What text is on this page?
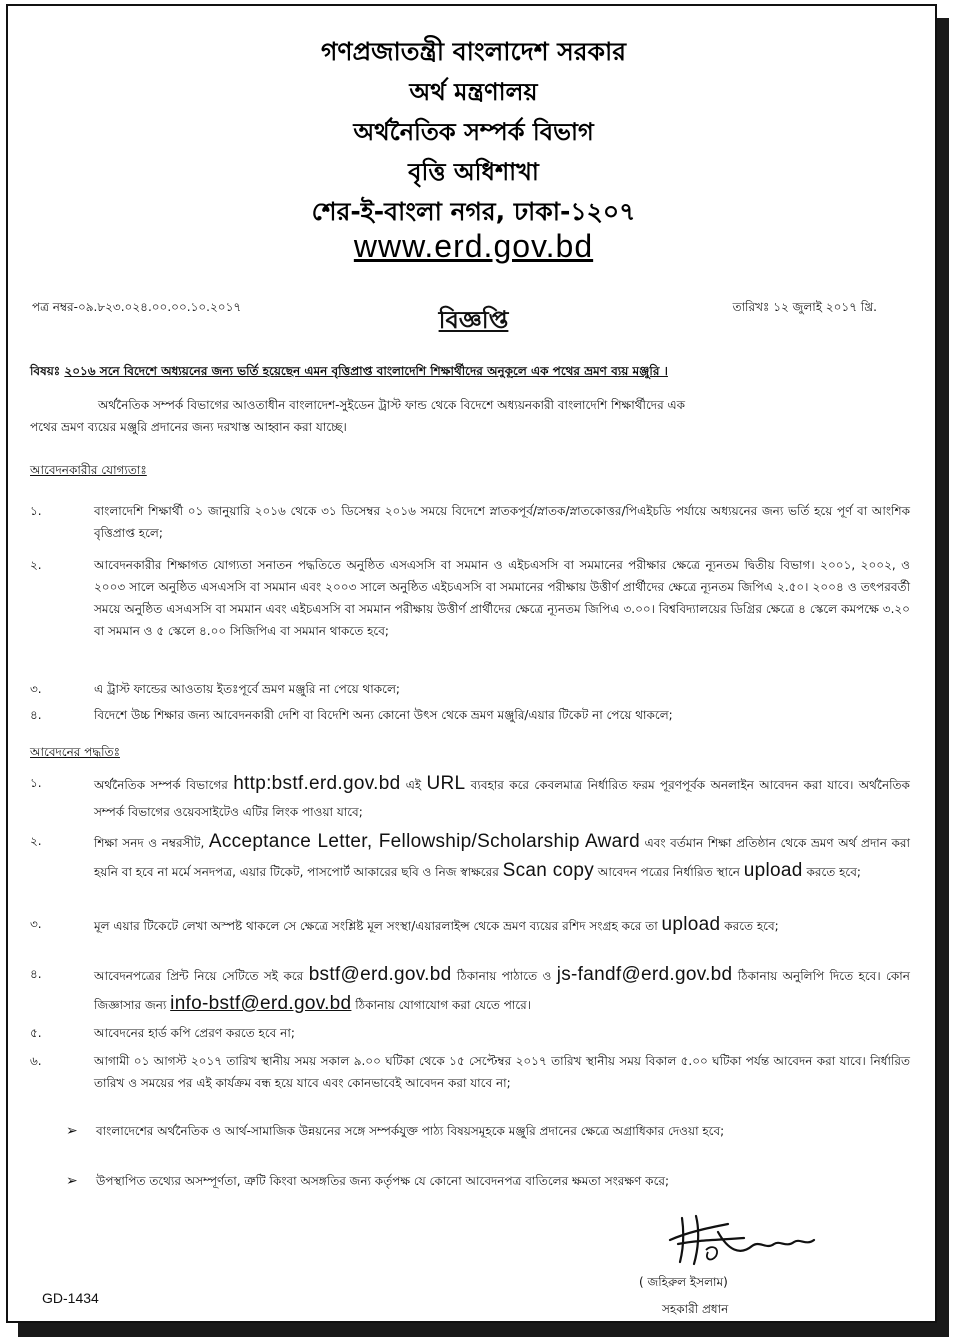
গণপ্রজাতন্ত্রী বাংলাদেশ সরকার
অর্থ মন্ত্রণালয়
অর্থনৈতিক সম্পর্ক বিভাগ
বৃত্তি অধিশাখা
শের-ই-বাংলা নগর, ঢাকা-১২০৭
www.erd.gov.bd
পত্র নম্বর-০৯.৮২৩.০২৪.০০.০০.১০.২০১৭	বিজ্ঞপ্তি	তারিখঃ ১২ জুলাই ২০১৭ খ্রি.
বিষয়ঃ ২০১৬ সনে বিদেশে অধ্যয়নের জন্য ভর্তি হয়েছেন এমন বৃত্তিপ্রাপ্ত বাংলাদেশি শিক্ষার্থীদের অনুকূলে এক পথের ভ্রমণ ব্যয় মঞ্জুরি ।
অর্থনৈতিক সম্পর্ক বিভাগের আওতাধীন বাংলাদেশ-সুইডেন ট্রাস্ট ফান্ড থেকে বিদেশে অধ্যয়নকারী বাংলাদেশি শিক্ষার্থীদের এক
পথের ভ্রমণ ব্যয়ের মঞ্জুরি প্রদানের জন্য দরখাস্ত আহ্বান করা যাচ্ছে।
আবেদনকারীর যোগ্যতাঃ
১.	বাংলাদেশি শিক্ষার্থী ০১ জানুয়ারি ২০১৬ থেকে ৩১ ডিসেম্বর ২০১৬ সময়ে বিদেশে স্নাতকপূর্ব/স্নাতক/স্নাতকোত্তর/পিএইচডি পর্যায়ে অধ্যয়নের জন্য ভর্তি হয়ে পূর্ণ বা আংশিক বৃত্তিপ্রাপ্ত হলে;
২.	আবেদনকারীর শিক্ষাগত যোগ্যতা সনাতন পদ্ধতিতে অনুষ্ঠিত এসএসসি বা সমমান ও এইচএসসি বা সমমানের পরীক্ষার ক্ষেত্রে ন্যূনতম দ্বিতীয় বিভাগ। ২০০১, ২০০২, ও ২০০৩ সালে অনুষ্ঠিত এসএসসি বা সমমান এবং ২০০৩ সালে অনুষ্ঠিত এইচএসসি বা সমমানের পরীক্ষায় উত্তীর্ণ প্রার্থীদের ক্ষেত্রে ন্যূনতম জিপিএ ২.৫০। ২০০৪ ও তৎপরবর্তী সময়ে অনুষ্ঠিত এসএসসি বা সমমান এবং এইচএসসি বা সমমান পরীক্ষায় উত্তীর্ণ প্রার্থীদের ক্ষেত্রে ন্যূনতম জিপিএ ৩.০০। বিশ্ববিদ্যালয়ের ডিগ্রির ক্ষেত্রে ৪ স্কেলে কমপক্ষে ৩.২০ বা সমমান ও ৫ স্কেলে ৪.০০ সিজিপিএ বা সমমান থাকতে হবে;
৩.	এ ট্রাস্ট ফান্ডের আওতায় ইতঃপূর্বে ভ্রমণ মঞ্জুরি না পেয়ে থাকলে;
৪.	বিদেশে উচ্চ শিক্ষার জন্য আবেদনকারী দেশি বা বিদেশি অন্য কোনো উৎস থেকে ভ্রমণ মঞ্জুরি/এয়ার টিকেট না পেয়ে থাকলে;
আবেদনের পদ্ধতিঃ
১.	অর্থনৈতিক সম্পর্ক বিভাগের http:bstf.erd.gov.bd এই URL ব্যবহার করে কেবলমাত্র নির্ধারিত ফরম পূরণপূর্বক অনলাইন আবেদন করা যাবে। অর্থনৈতিক সম্পর্ক বিভাগের ওয়েবসাইটেও এটির লিংক পাওয়া যাবে;
২.	শিক্ষা সনদ ও নম্বরসীট, Acceptance Letter, Fellowship/Scholarship Award এবং বর্তমান শিক্ষা প্রতিষ্ঠান থেকে ভ্রমণ অর্থ প্রদান করা হয়নি বা হবে না মর্মে সনদপত্র, এয়ার টিকেট, পাসপোর্ট আকারের ছবি ও নিজ স্বাক্ষরের Scan copy আবেদন পত্রের নির্ধারিত স্থানে upload করতে হবে;
৩.	মূল এয়ার টিকেটে লেখা অস্পষ্ট থাকলে সে ক্ষেত্রে সংশ্লিষ্ট মূল সংস্থা/এয়ারলাইন্স থেকে ভ্রমণ ব্যয়ের রশিদ সংগ্রহ করে তা upload করতে হবে;
৪.	আবেদনপত্রের প্রিন্ট নিয়ে সেটিতে সই করে bstf@erd.gov.bd ঠিকানায় পাঠাতে ও js-fandf@erd.gov.bd ঠিকানায় অনুলিপি দিতে হবে। কোন জিজ্ঞাসার জন্য info-bstf@erd.gov.bd ঠিকানায় যোগাযোগ করা যেতে পারে।
৫.	আবেদনের হার্ড কপি প্রেরণ করতে হবে না;
৬.	আগামী ০১ আগস্ট ২০১৭ তারিখ স্থানীয় সময় সকাল ৯.০০ ঘটিকা থেকে ১৫ সেপ্টেম্বর ২০১৭ তারিখ স্থানীয় সময় বিকাল ৫.০০ ঘটিকা পর্যন্ত আবেদন করা যাবে। নির্ধারিত তারিখ ও সময়ের পর এই কার্যক্রম বন্ধ হয়ে যাবে এবং কোনভাবেই আবেদন করা যাবে না;
➢ বাংলাদেশের অর্থনৈতিক ও আর্থ-সামাজিক উন্নয়নের সঙ্গে সম্পর্কযুক্ত পাঠ্য বিষয়সমূহকে মঞ্জুরি প্রদানের ক্ষেত্রে অগ্রাধিকার দেওয়া হবে;
➢ উপস্থাপিত তথ্যের অসম্পূর্ণতা, ত্রুটি কিংবা অসঙ্গতির জন্য কর্তৃপক্ষ যে কোনো আবেদনপত্র বাতিলের ক্ষমতা সংরক্ষণ করে;
( জহিরুল ইসলাম)
সহকারী প্রধান
GD-1434
